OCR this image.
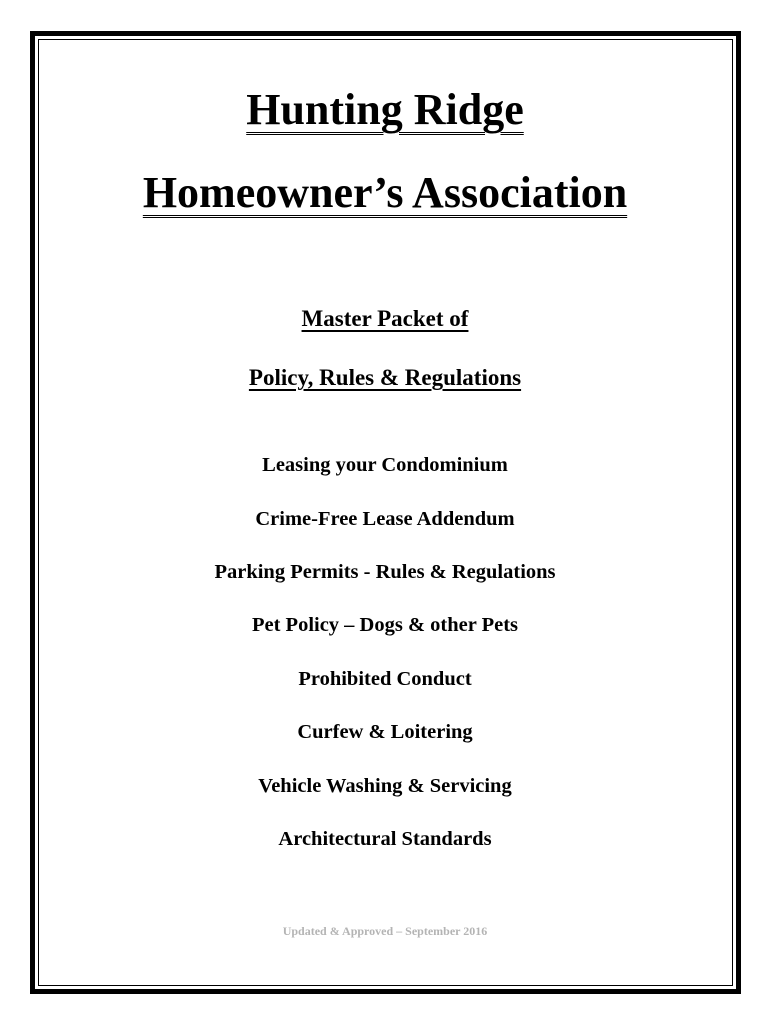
Hunting Ridge
Homeowner’s Association
Master Packet of
Policy, Rules & Regulations
Leasing your Condominium
Crime-Free Lease Addendum
Parking Permits - Rules & Regulations
Pet Policy – Dogs & other Pets
Prohibited Conduct
Curfew & Loitering
Vehicle Washing & Servicing
Architectural Standards
Updated & Approved – September 2016
